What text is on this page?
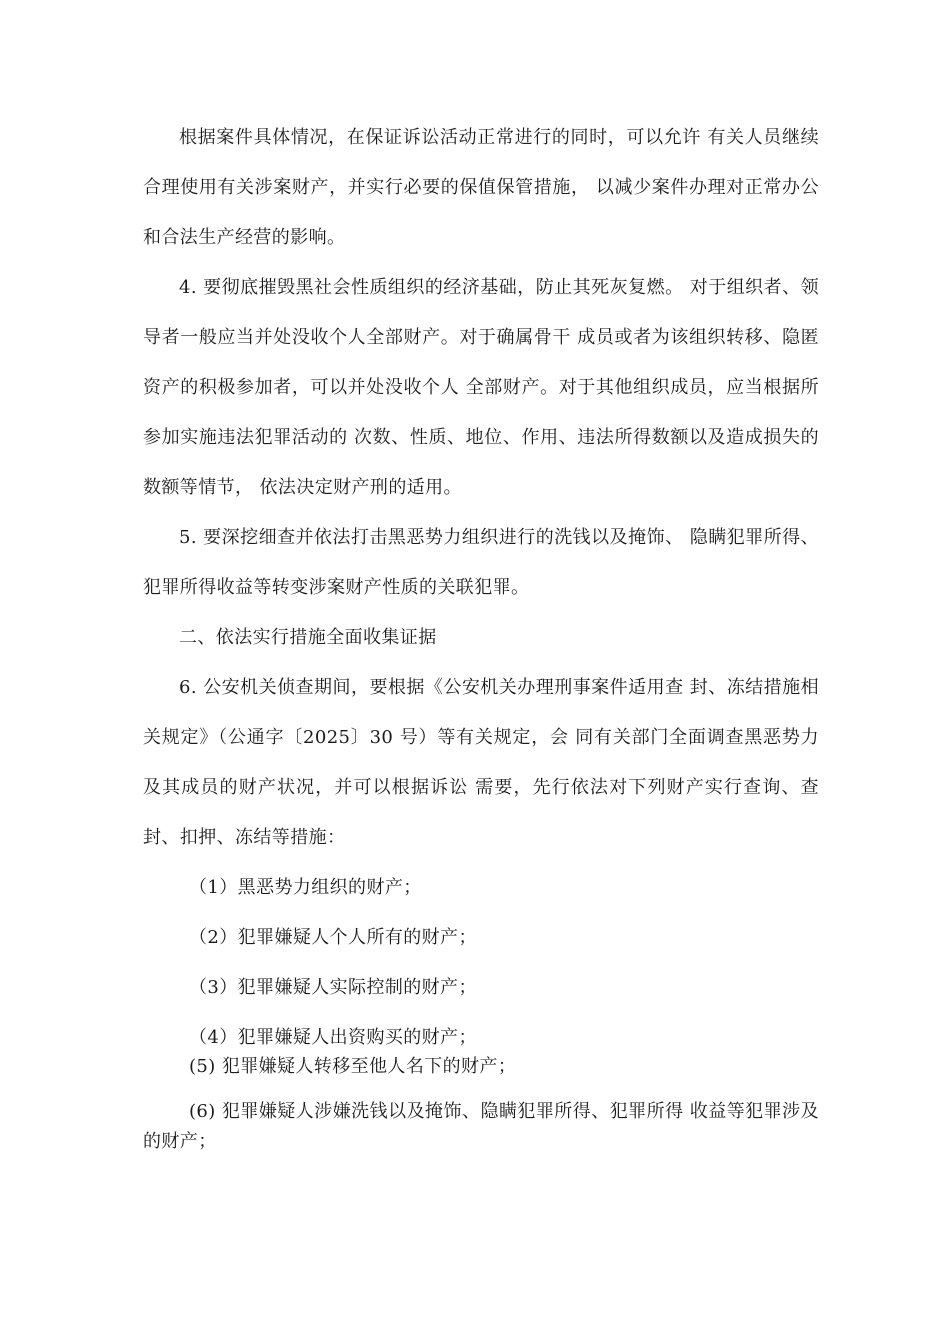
根据案件具体情况，在保证诉讼活动正常进行的同时，可以允许 有关人员继续合理使用有关涉案财产，并实行必要的保值保管措施， 以减少案件办理对正常办公和合法生产经营的影响。

4. 要彻底摧毁黑社会性质组织的经济基础，防止其死灰复燃。 对于组织者、领导者一般应当并处没收个人全部财产。对于确属骨干 成员或者为该组织转移、隐匿资产的积极参加者，可以并处没收个人 全部财产。对于其他组织成员，应当根据所参加实施违法犯罪活动的 次数、性质、地位、作用、违法所得数额以及造成损失的数额等情节， 依法决定财产刑的适用。

5. 要深挖细查并依法打击黑恶势力组织进行的洗钱以及掩饰、 隐瞒犯罪所得、犯罪所得收益等转变涉案财产性质的关联犯罪。

二、依法实行措施全面收集证据

6. 公安机关侦查期间，要根据《公安机关办理刑事案件适用查 封、冻结措施相关规定》（公通字〔2025〕30 号）等有关规定，会 同有关部门全面调查黑恶势力及其成员的财产状况，并可以根据诉讼 需要，先行依法对下列财产实行查询、查封、扣押、冻结等措施：

（1）黑恶势力组织的财产；

（2）犯罪嫌疑人个人所有的财产；

（3）犯罪嫌疑人实际控制的财产；

（4）犯罪嫌疑人出资购买的财产；

(5) 犯罪嫌疑人转移至他人名下的财产；

(6) 犯罪嫌疑人涉嫌洗钱以及掩饰、隐瞒犯罪所得、犯罪所得 收益等犯罪涉及的财产；
